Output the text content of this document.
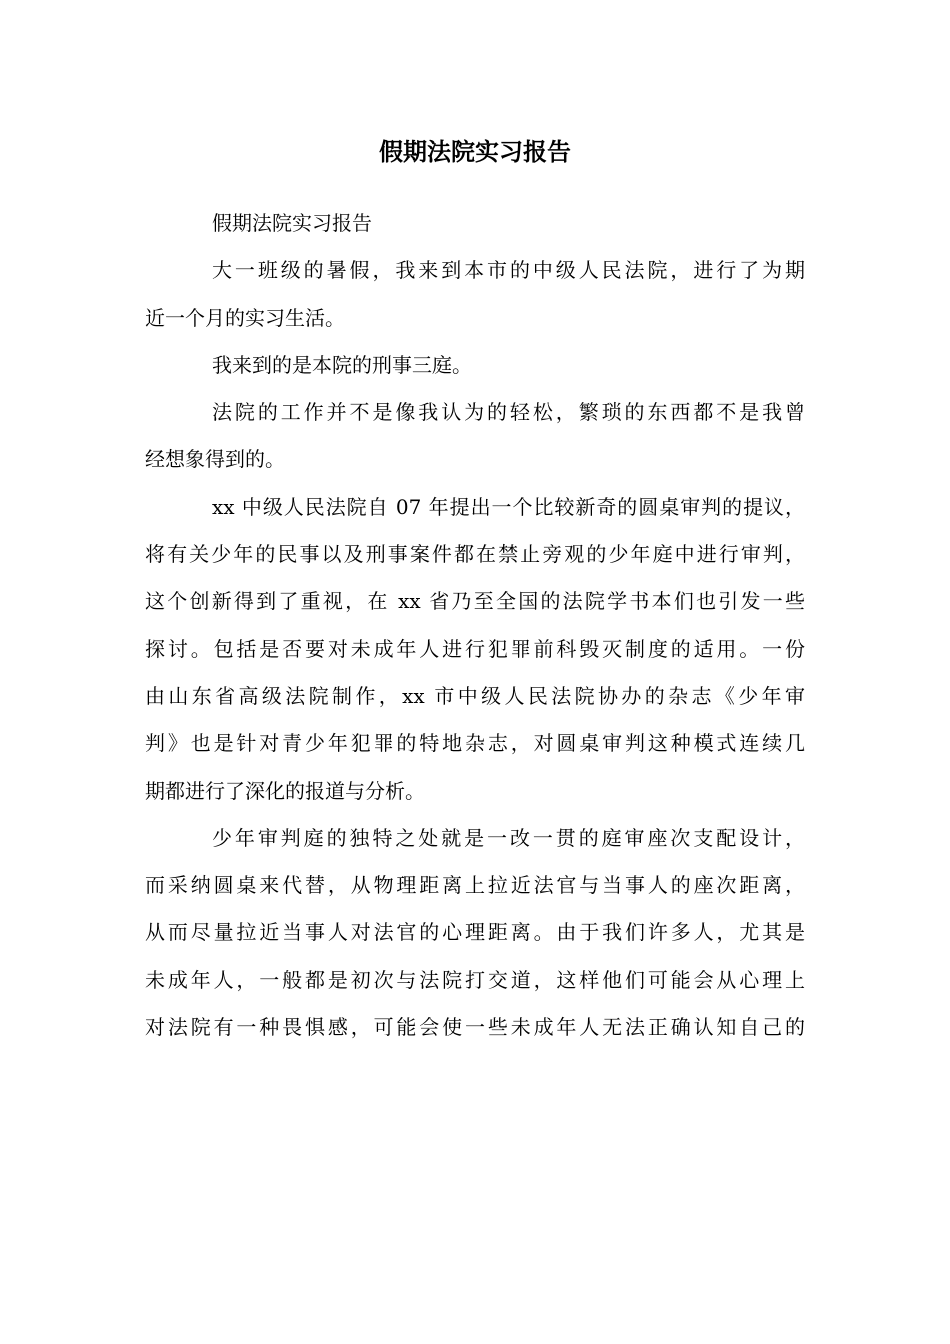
假期法院实习报告
假期法院实习报告
大一班级的暑假，我来到本市的中级人民法院，进行了为期
近一个月的实习生活。
我来到的是本院的刑事三庭。
法院的工作并不是像我认为的轻松，繁琐的东西都不是我曾
经想象得到的。
xx 中级人民法院自 07 年提出一个比较新奇的圆桌审判的提议，
将有关少年的民事以及刑事案件都在禁止旁观的少年庭中进行审判，
这个创新得到了重视，在 xx 省乃至全国的法院学书本们也引发一些
探讨。包括是否要对未成年人进行犯罪前科毁灭制度的适用。一份
由山东省高级法院制作，xx 市中级人民法院协办的杂志《少年审
判》也是针对青少年犯罪的特地杂志，对圆桌审判这种模式连续几
期都进行了深化的报道与分析。
少年审判庭的独特之处就是一改一贯的庭审座次支配设计，
而采纳圆桌来代替，从物理距离上拉近法官与当事人的座次距离，
从而尽量拉近当事人对法官的心理距离。由于我们许多人，尤其是
未成年人，一般都是初次与法院打交道，这样他们可能会从心理上
对法院有一种畏惧感，可能会使一些未成年人无法正确认知自己的
